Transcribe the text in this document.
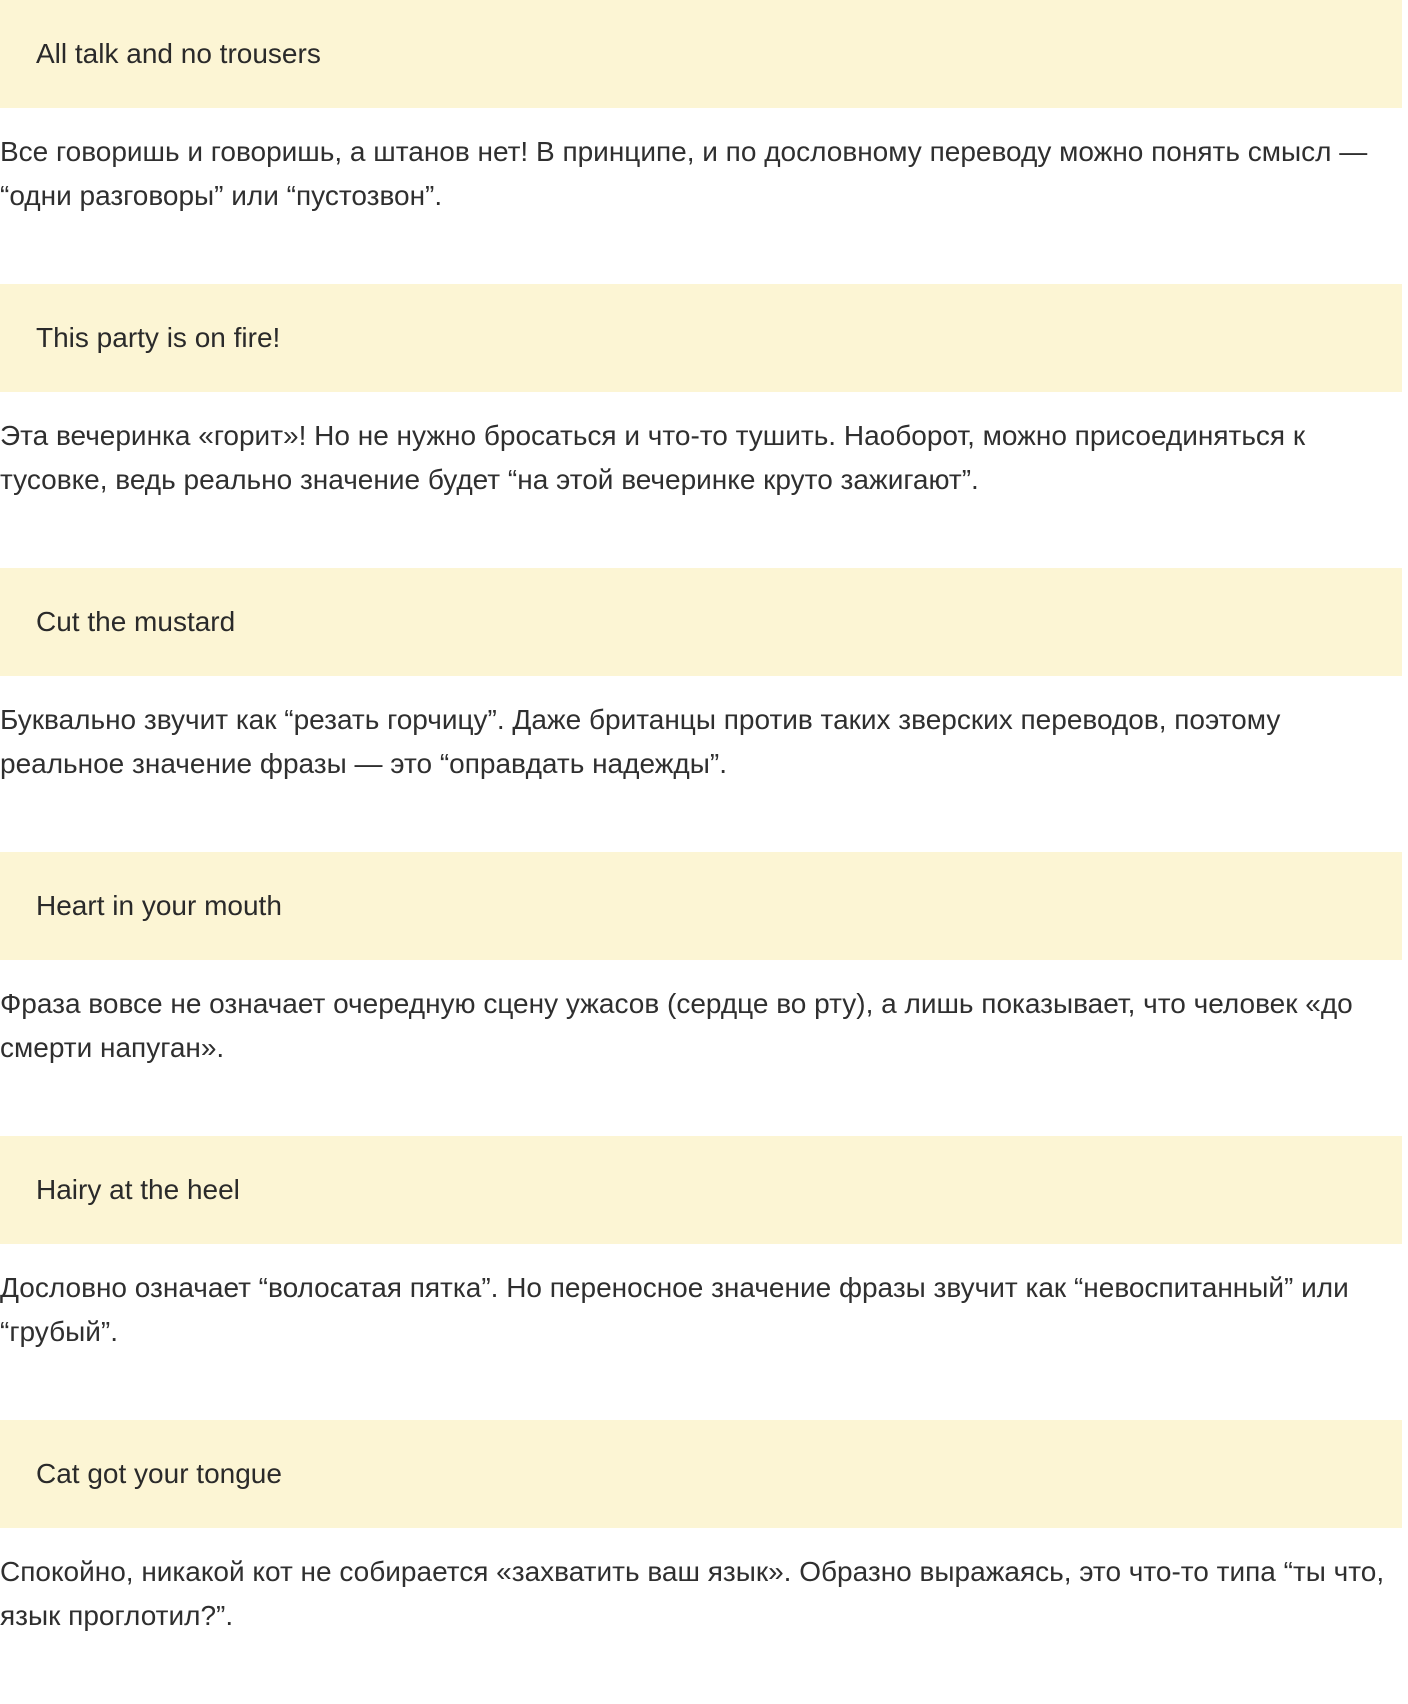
All talk and no trousers

Все говоришь и говоришь, а штанов нет! В принципе, и по дословному переводу можно понять смысл — “одни разговоры” или “пустозвон”.

This party is on fire!

Эта вечеринка «горит»! Но не нужно бросаться и что-то тушить. Наоборот, можно присоединяться к тусовке, ведь реально значение будет “на этой вечеринке круто зажигают”.

Cut the mustard

Буквально звучит как “резать горчицу”. Даже британцы против таких зверских переводов, поэтому реальное значение фразы — это “оправдать надежды”.

Heart in your mouth

Фраза вовсе не означает очередную сцену ужасов (сердце во рту), а лишь показывает, что человек «до смерти напуган».

Hairy at the heel

Дословно означает “волосатая пятка”. Но переносное значение фразы звучит как “невоспитанный” или “грубый”.

Cat got your tongue

Спокойно, никакой кот не собирается «захватить ваш язык». Образно выражаясь, это что-то типа “ты что, язык проглотил?”.
